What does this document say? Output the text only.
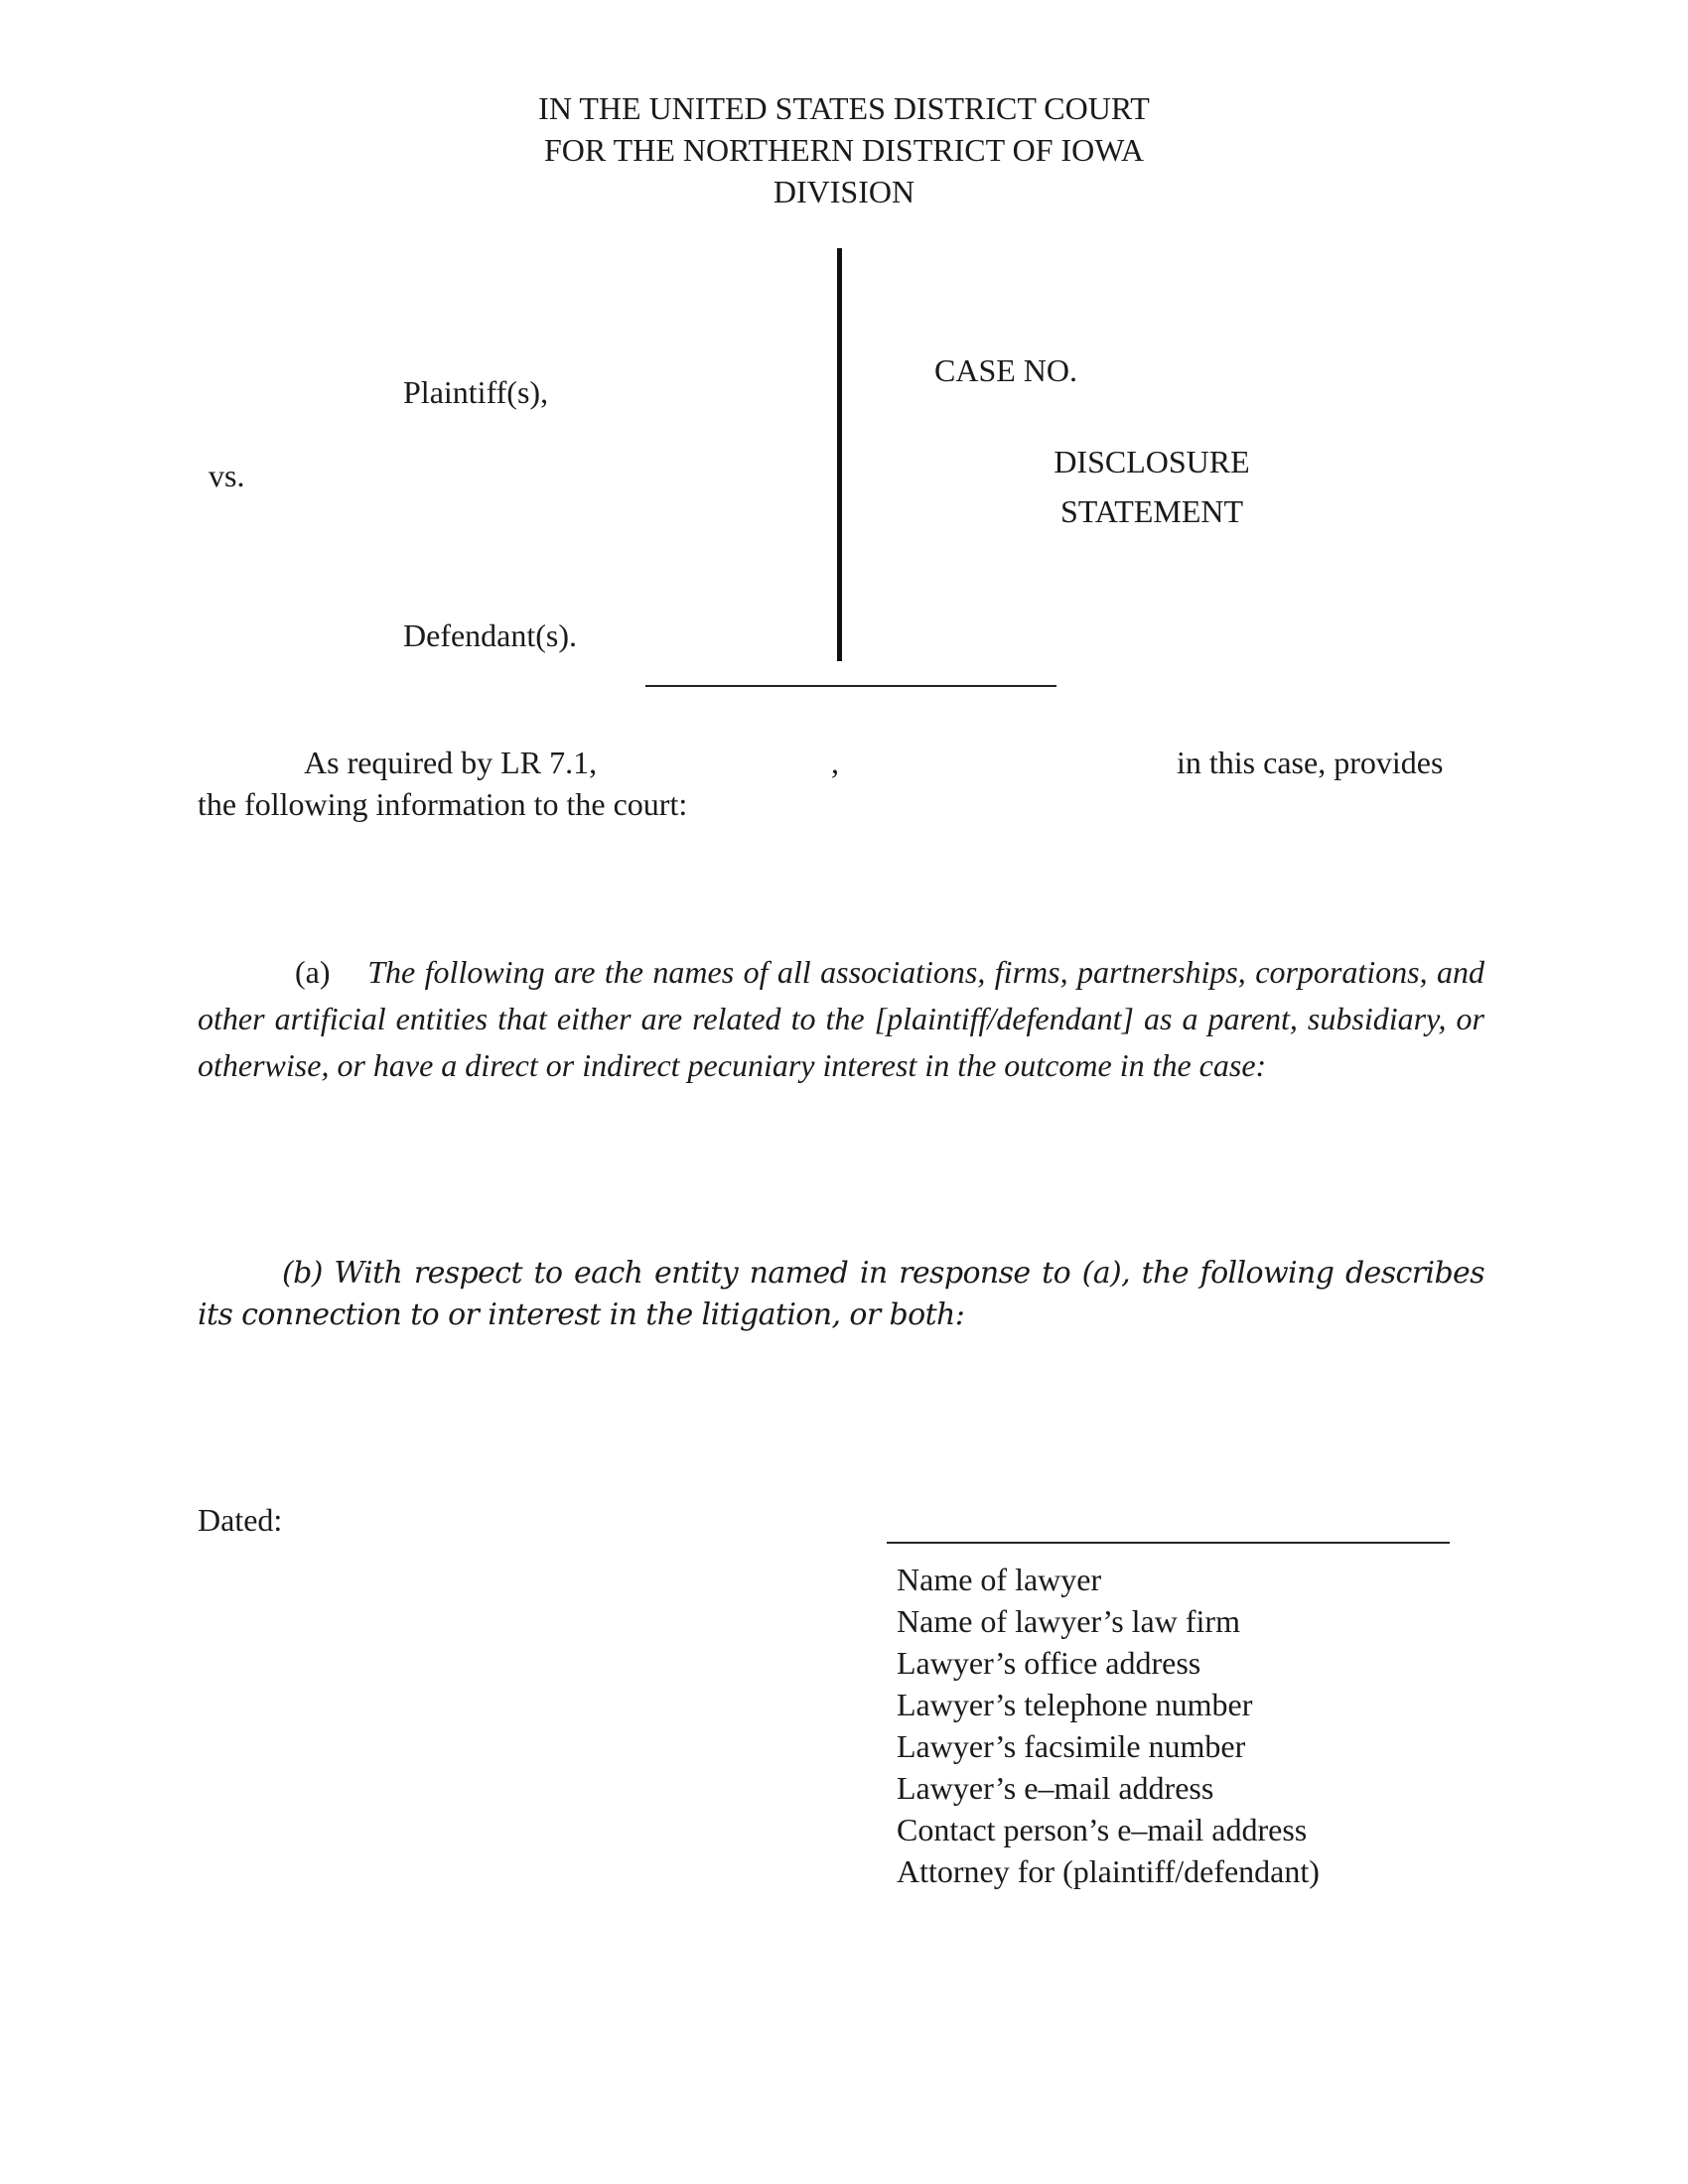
IN THE UNITED STATES DISTRICT COURT
FOR THE NORTHERN DISTRICT OF IOWA
DIVISION
Plaintiff(s),
vs.
Defendant(s).
CASE NO.
DISCLOSURE
STATEMENT
As required by LR 7.1,	,	in this case, provides
the following information to the court:
(a) The following are the names of all associations, firms, partnerships, corporations, and other artificial entities that either are related to the [plaintiff/defendant] as a parent, subsidiary, or otherwise, or have a direct or indirect pecuniary interest in the outcome in the case:
(b) With respect to each entity named in response to (a), the following describes its connection to or interest in the litigation, or both:
Dated:
Name of lawyer
Name of lawyer’s law firm
Lawyer’s office address
Lawyer’s telephone number
Lawyer’s facsimile number
Lawyer’s e–mail address
Contact person’s e–mail address
Attorney for (plaintiff/defendant)
